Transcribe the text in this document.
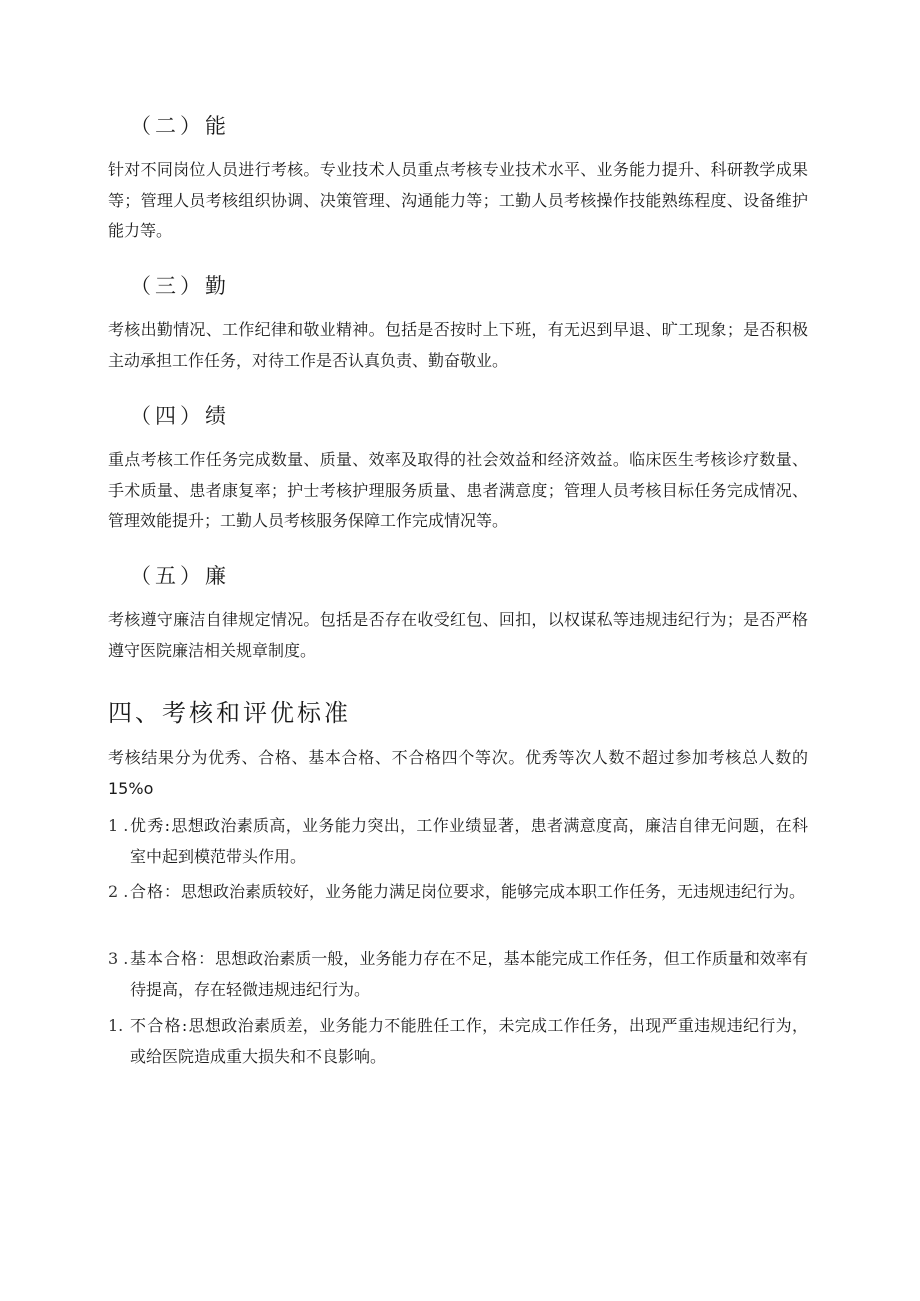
（二）能

针对不同岗位人员进行考核。专业技术人员重点考核专业技术水平、业务能力提升、科研教学成果等；管理人员考核组织协调、决策管理、沟通能力等；工勤人员考核操作技能熟练程度、设备维护能力等。

（三）勤

考核出勤情况、工作纪律和敬业精神。包括是否按时上下班，有无迟到早退、旷工现象；是否积极主动承担工作任务，对待工作是否认真负责、勤奋敬业。

（四）绩

重点考核工作任务完成数量、质量、效率及取得的社会效益和经济效益。临床医生考核诊疗数量、手术质量、患者康复率；护士考核护理服务质量、患者满意度；管理人员考核目标任务完成情况、管理效能提升；工勤人员考核服务保障工作完成情况等。

（五）廉

考核遵守廉洁自律规定情况。包括是否存在收受红包、回扣，以权谋私等违规违纪行为；是否严格遵守医院廉洁相关规章制度。

四、考核和评优标准

考核结果分为优秀、合格、基本合格、不合格四个等次。优秀等次人数不超过参加考核总人数的15%o

1 . 优秀:思想政治素质高，业务能力突出，工作业绩显著，患者满意度高，廉洁自律无问题，在科室中起到模范带头作用。
2 . 合格：思想政治素质较好，业务能力满足岗位要求，能够完成本职工作任务，无违规违纪行为。
3 . 基本合格：思想政治素质一般，业务能力存在不足，基本能完成工作任务，但工作质量和效率有待提高，存在轻微违规违纪行为。
1. 不合格:思想政治素质差，业务能力不能胜任工作，未完成工作任务，出现严重违规违纪行为，或给医院造成重大损失和不良影响。
